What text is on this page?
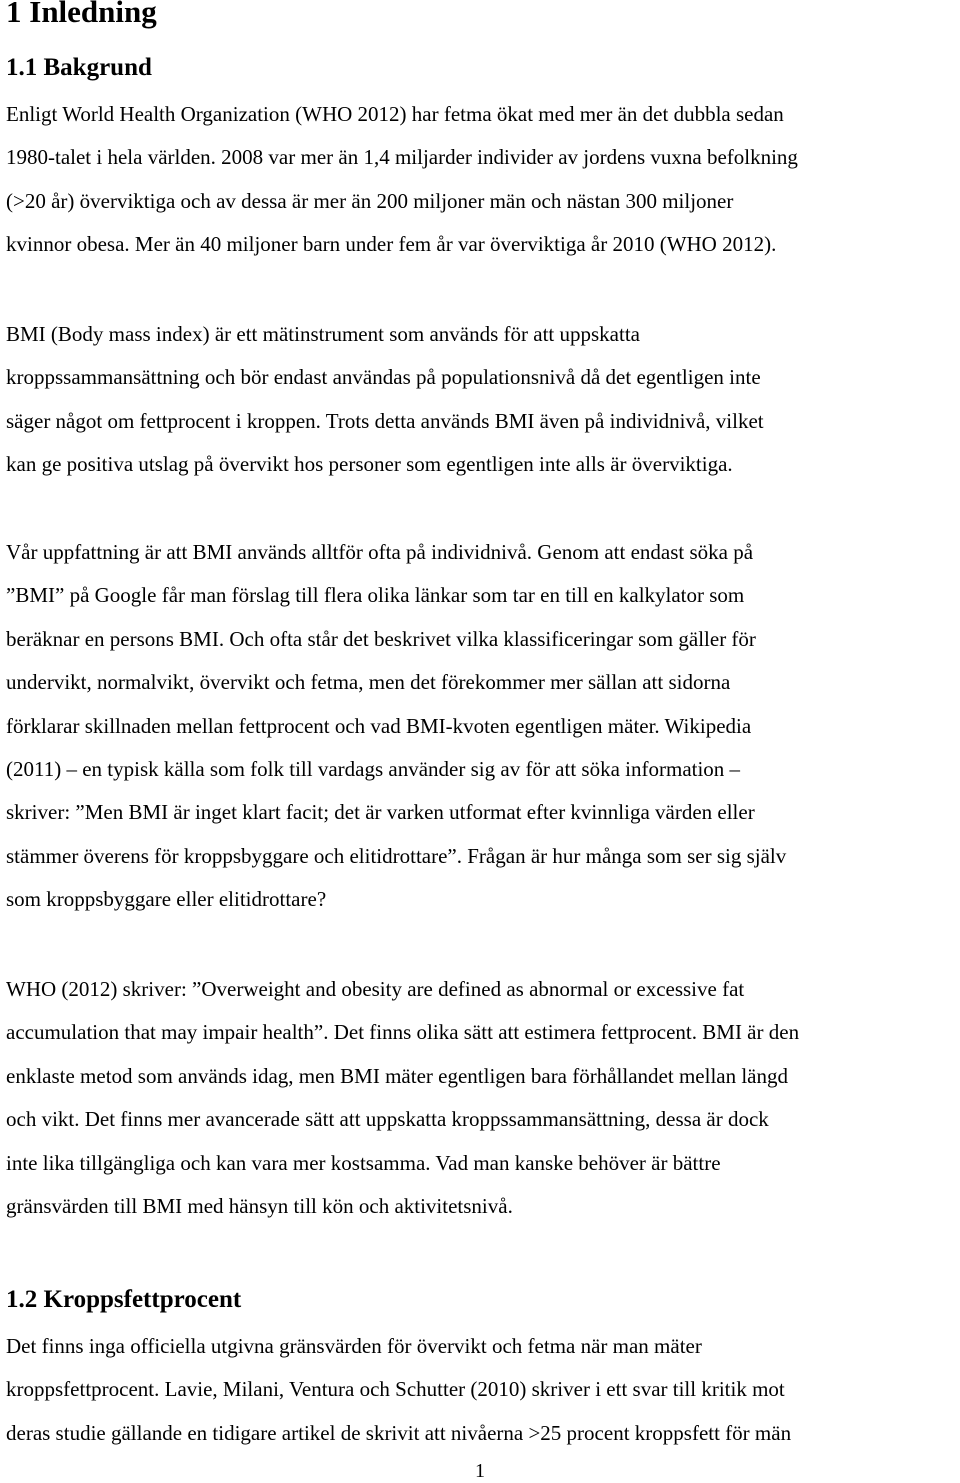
1 Inledning
1.1 Bakgrund
Enligt World Health Organization (WHO 2012) har fetma ökat med mer än det dubbla sedan
1980-talet i hela världen. 2008 var mer än 1,4 miljarder individer av jordens vuxna befolkning
(>20 år) överviktiga och av dessa är mer än 200 miljoner män och nästan 300 miljoner
kvinnor obesa. Mer än 40 miljoner barn under fem år var överviktiga år 2010 (WHO 2012).
BMI (Body mass index) är ett mätinstrument som används för att uppskatta
kroppssammansättning och bör endast användas på populationsnivå då det egentligen inte
säger något om fettprocent i kroppen. Trots detta används BMI även på individnivå, vilket
kan ge positiva utslag på övervikt hos personer som egentligen inte alls är överviktiga.
Vår uppfattning är att BMI används alltför ofta på individnivå. Genom att endast söka på
”BMI” på Google får man förslag till flera olika länkar som tar en till en kalkylator som
beräknar en persons BMI. Och ofta står det beskrivet vilka klassificeringar som gäller för
undervikt, normalvikt, övervikt och fetma, men det förekommer mer sällan att sidorna
förklarar skillnaden mellan fettprocent och vad BMI-kvoten egentligen mäter. Wikipedia
(2011) – en typisk källa som folk till vardags använder sig av för att söka information –
skriver: ”Men BMI är inget klart facit; det är varken utformat efter kvinnliga värden eller
stämmer överens för kroppsbyggare och elitidrottare”. Frågan är hur många som ser sig själv
som kroppsbyggare eller elitidrottare?
WHO (2012) skriver: ”Overweight and obesity are defined as abnormal or excessive fat
accumulation that may impair health”. Det finns olika sätt att estimera fettprocent. BMI är den
enklaste metod som används idag, men BMI mäter egentligen bara förhållandet mellan längd
och vikt. Det finns mer avancerade sätt att uppskatta kroppssammansättning, dessa är dock
inte lika tillgängliga och kan vara mer kostsamma. Vad man kanske behöver är bättre
gränsvärden till BMI med hänsyn till kön och aktivitetsnivå.
1.2 Kroppsfettprocent
Det finns inga officiella utgivna gränsvärden för övervikt och fetma när man mäter
kroppsfettprocent. Lavie, Milani, Ventura och Schutter (2010) skriver i ett svar till kritik mot
deras studie gällande en tidigare artikel de skrivit att nivåerna >25 procent kroppsfett för män
1
